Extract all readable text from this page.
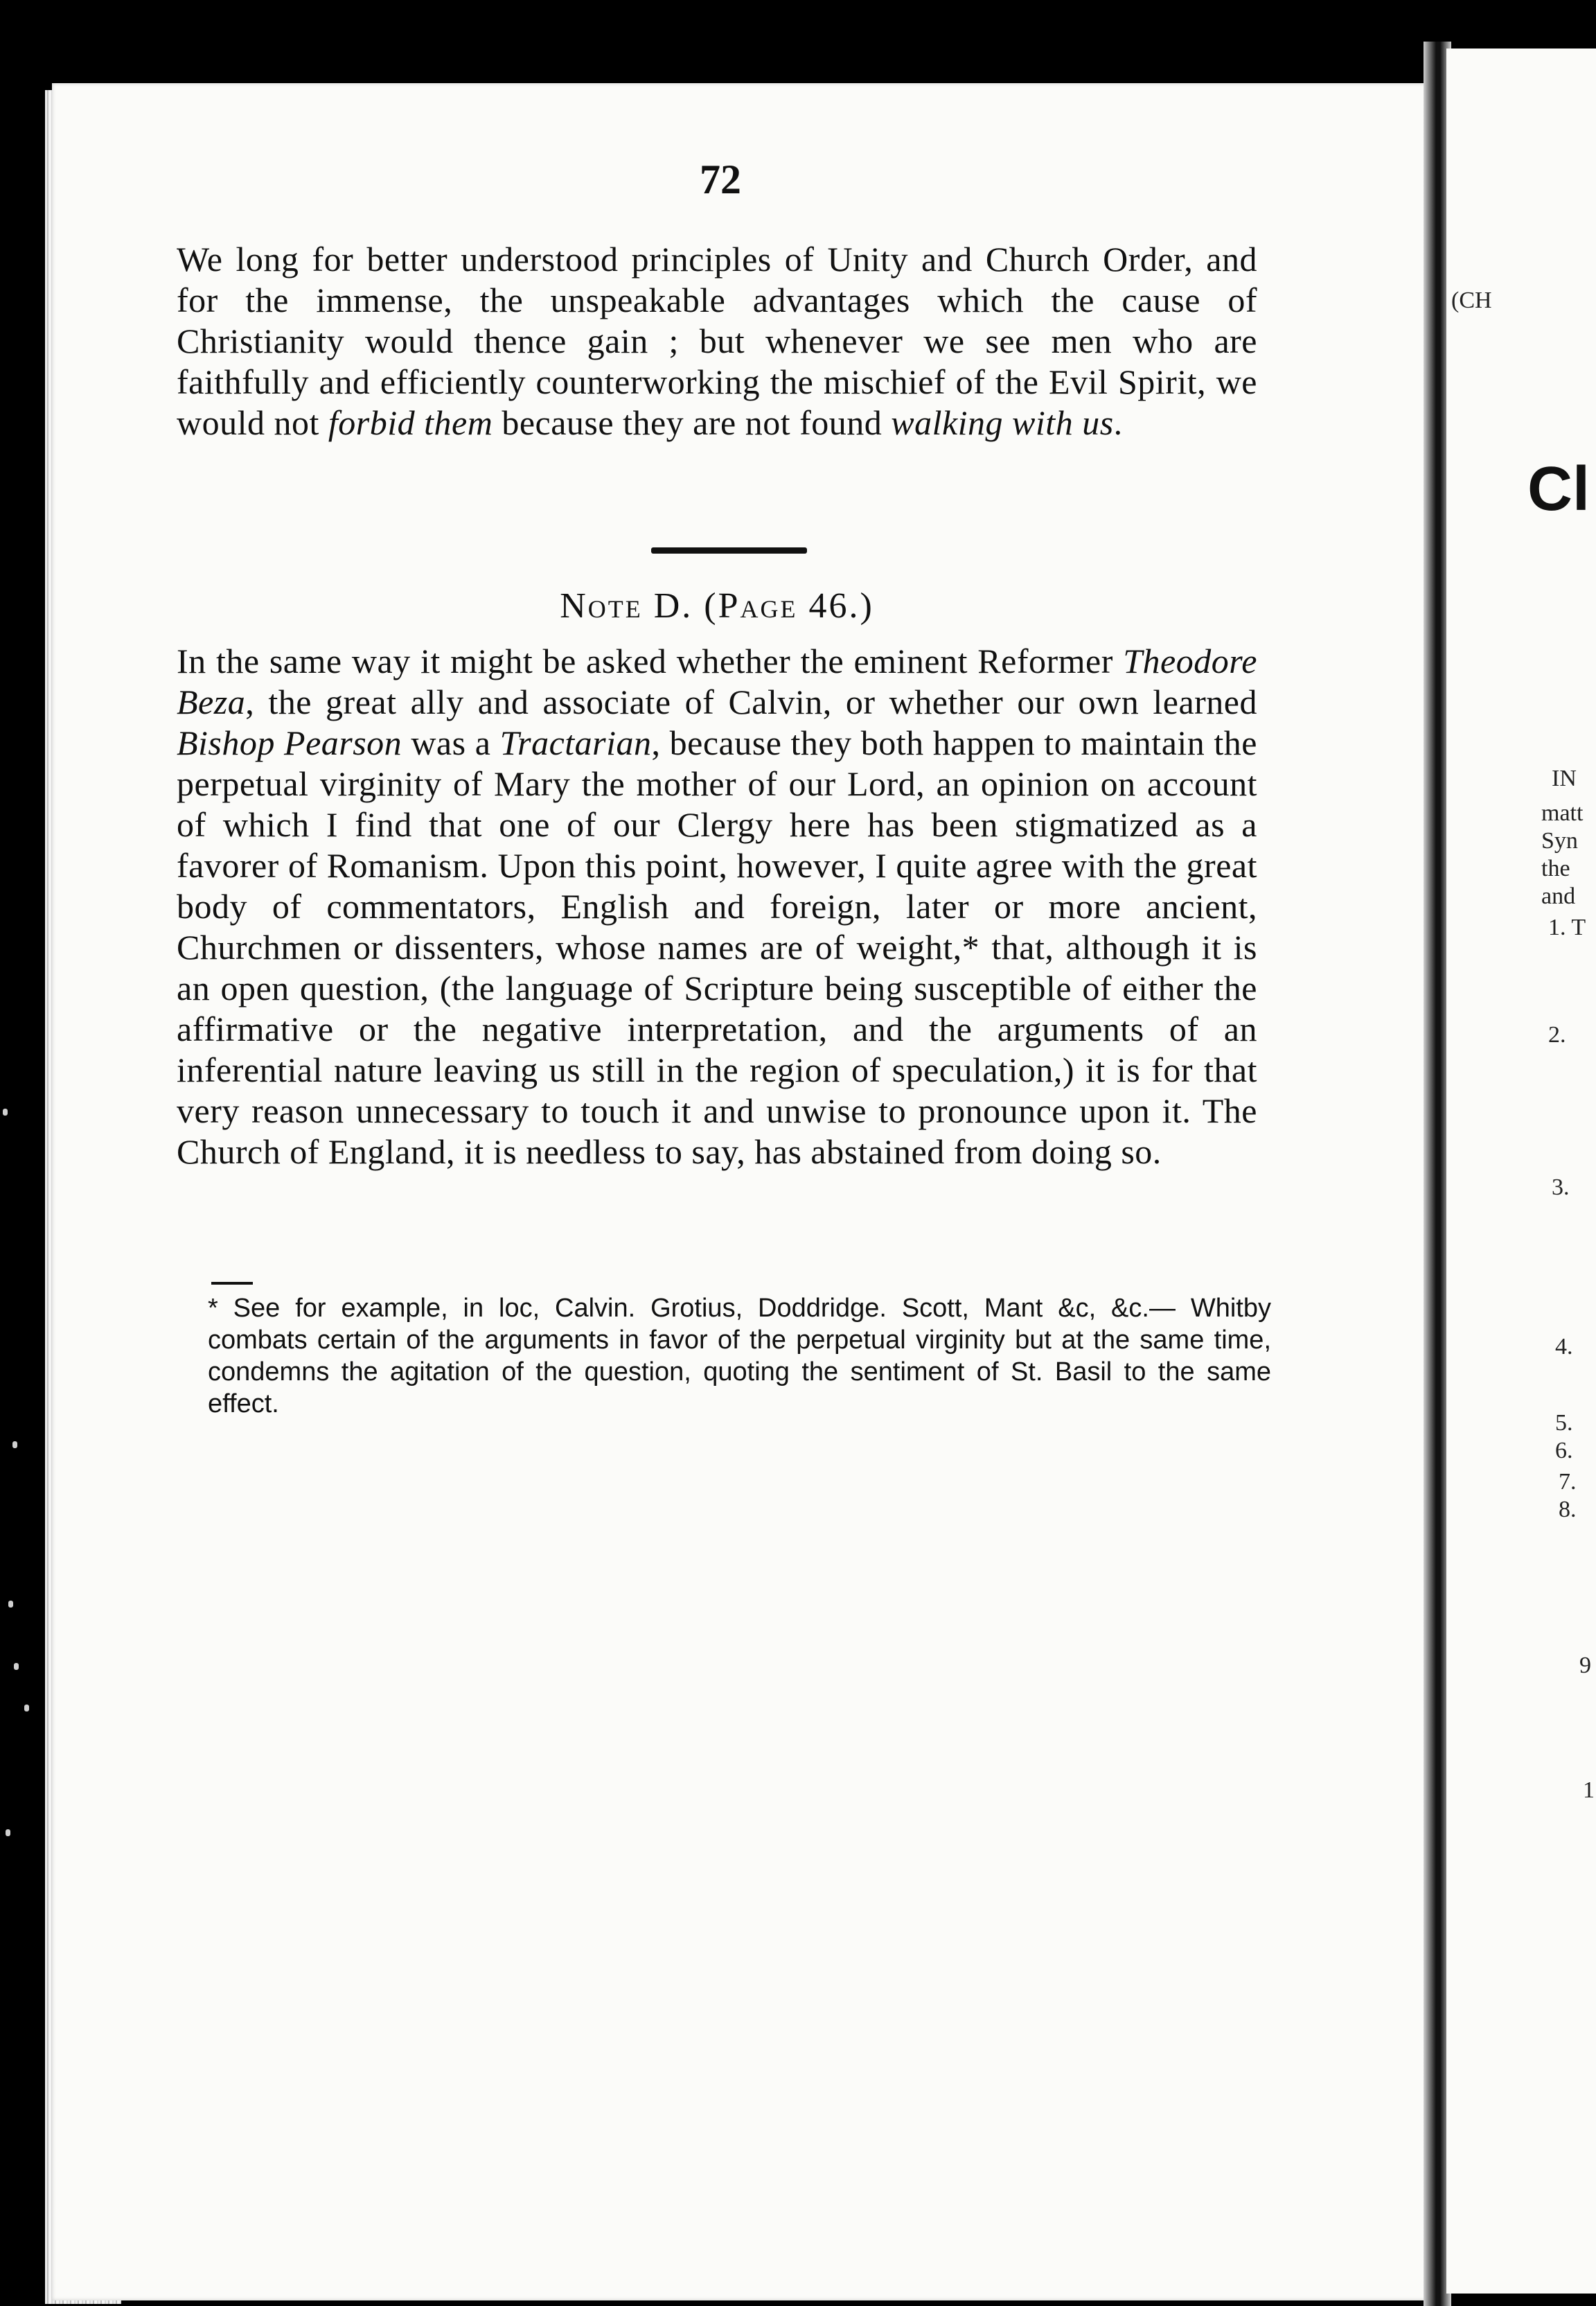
72
We long for better understood principles of Unity and Church Order, and for the immense, the unspeakable advantages which the cause of Christianity would thence gain ; but whenever we see men who are faithfully and efficiently counterworking the mischief of the Evil Spirit, we would not forbid them because they are not found walking with us.
Note D. (Page 46.)
In the same way it might be asked whether the eminent Reformer Theodore Beza, the great ally and associate of Calvin, or whether our own learned Bishop Pearson was a Tractarian, because they both happen to maintain the perpetual virginity of Mary the mother of our Lord, an opinion on account of which I find that one of our Clergy here has been stigmatized as a favorer of Romanism. Upon this point, however, I quite agree with the great body of commentators, English and foreign, later or more ancient, Churchmen or dissenters, whose names are of weight,* that, although it is an open question, (the language of Scripture being susceptible of either the affirmative or the negative interpretation, and the arguments of an inferential nature leaving us still in the region of speculation,) it is for that very reason unnecessary to touch it and unwise to pronounce upon it. The Church of England, it is needless to say, has abstained from doing so.
* See for example, in loc, Calvin. Grotius, Doddridge. Scott, Mant &c, &c.— Whitby combats certain of the arguments in favor of the perpetual virginity but at the same time, condemns the agitation of the question, quoting the sentiment of St. Basil to the same effect.
Cl
(CH
IN
matt
Syn
the
and
1. T
2.
3.
4.
5.
6.
7.
8.
9
1
